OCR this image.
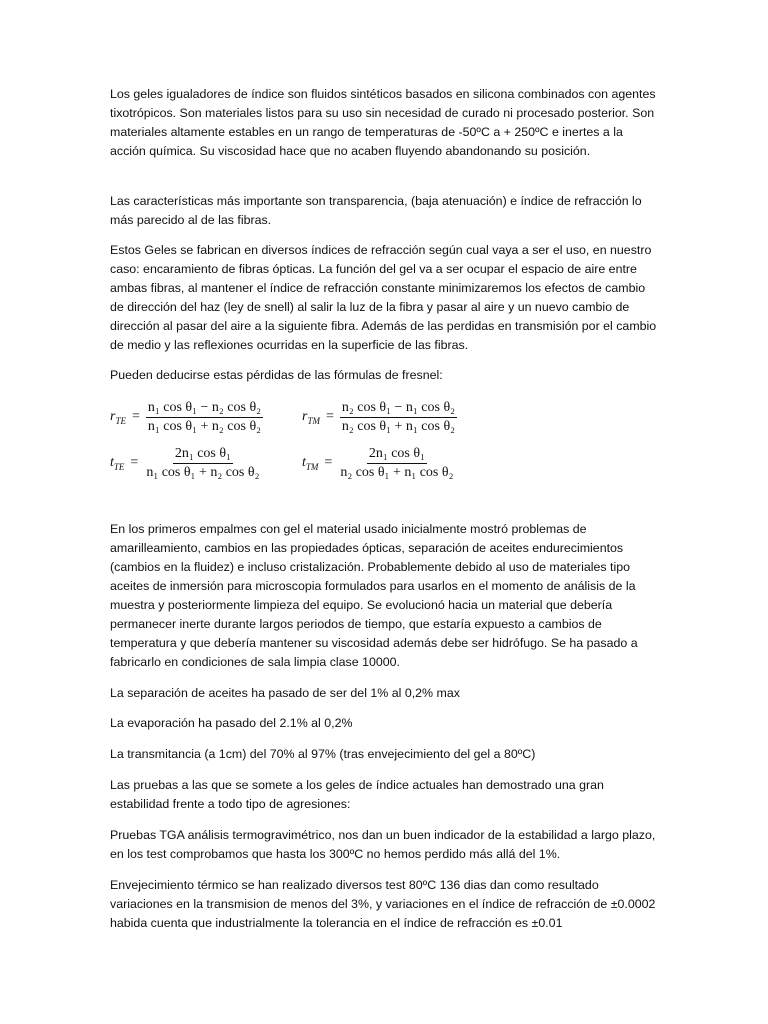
Los geles igualadores de índice son fluidos sintéticos basados en silicona combinados con agentes tixotrópicos. Son materiales listos para su uso sin necesidad de curado ni procesado posterior. Son materiales altamente estables en un rango de temperaturas de -50ºC a + 250ºC e inertes a la acción química. Su viscosidad hace que no acaben fluyendo abandonando su posición.

Las características más importante son transparencia, (baja atenuación) e índice de refracción lo más parecido al de las fibras.

Estos Geles se fabrican en diversos índices de refracción según cual vaya a ser el uso, en nuestro caso: encaramiento de fibras ópticas. La función del gel va a ser ocupar el espacio de aire entre ambas fibras, al mantener el índice de refracción constante minimizaremos los efectos de cambio de dirección del haz (ley de snell) al salir la luz de la fibra y pasar al aire y un nuevo cambio de dirección al pasar del aire a la siguiente fibra. Además de las perdidas en transmisión por el cambio de medio y las reflexiones ocurridas en la superficie de las fibras.

Pueden deducirse estas pérdidas de las fórmulas de fresnel:

$r_{TE} = \frac{\text{n₁ cos θ₁ − n₂ cos θ₂}}{\text{n₁ cos θ₁ + n₂ cos θ₂}}$	$r_{TM} = \frac{\text{n₂ cos θ₁ − n₁ cos θ₂}}{\text{n₂ cos θ₁ + n₁ cos θ₂}}$
$t_{TE} = \frac{\text{2n₁ cos θ₁}}{\text{n₁ cos θ₁ + n₂ cos θ₂}}$	$t_{TM} = \frac{\text{2n₁ cos θ₁}}{\text{n₂ cos θ₁ + n₁ cos θ₂}}$

En los primeros empalmes con gel el material usado inicialmente mostró problemas de amarilleamiento, cambios en las propiedades ópticas, separación de aceites endurecimientos (cambios en la fluidez) e incluso cristalización. Probablemente debido al uso de materiales tipo aceites de inmersión para microscopia formulados para usarlos en el momento de análisis de la muestra y posteriormente limpieza del equipo. Se evolucionó hacia un material que debería permanecer inerte durante largos periodos de tiempo, que estaría expuesto a cambios de temperatura y que debería mantener su viscosidad además debe ser hidrófugo. Se ha pasado a fabricarlo en condiciones de sala limpia clase 10000.

La separación de aceites ha pasado de ser del 1% al 0,2% max

La evaporación ha pasado del 2.1% al 0,2%

La transmitancia (a 1cm) del 70% al 97% (tras envejecimiento del gel a 80ºC)

Las pruebas a las que se somete a los geles de índice actuales han demostrado una gran estabilidad frente a todo tipo de agresiones:

Pruebas TGA análisis termogravimétrico, nos dan un buen indicador de la estabilidad a largo plazo, en los test comprobamos que hasta los 300ºC no hemos perdido más allá del 1%.

Envejecimiento térmico se han realizado diversos test 80ºC 136 dias dan como resultado variaciones en la transmision de menos del 3%, y variaciones en el índice de refracción de ±0.0002 habida cuenta que industrialmente la tolerancia en el índice de refracción es ±0.01
